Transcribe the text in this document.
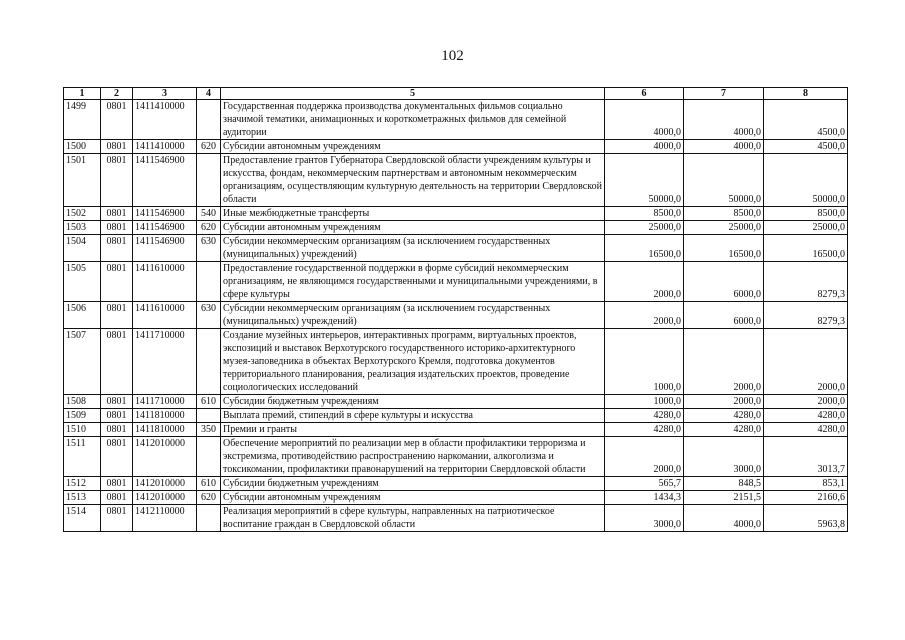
102
1	2	3	4	5	6	7	8
1499	0801	1411410000		Государственная поддержка производства документальных фильмов социально значимой тематики, анимационных и короткометражных фильмов для семейной аудитории	4000,0	4000,0	4500,0
1500	0801	1411410000	620	Субсидии автономным учреждениям	4000,0	4000,0	4500,0
1501	0801	1411546900		Предоставление грантов Губернатора Свердловской области учреждениям культуры и искусства, фондам, некоммерческим партнерствам и автономным некоммерческим организациям, осуществляющим культурную деятельность на территории Свердловской области	50000,0	50000,0	50000,0
1502	0801	1411546900	540	Иные межбюджетные трансферты	8500,0	8500,0	8500,0
1503	0801	1411546900	620	Субсидии автономным учреждениям	25000,0	25000,0	25000,0
1504	0801	1411546900	630	Субсидии некоммерческим организациям (за исключением государственных (муниципальных) учреждений)	16500,0	16500,0	16500,0
1505	0801	1411610000		Предоставление государственной поддержки в форме субсидий некоммерческим организациям, не являющимся государственными и муниципальными учреждениями, в сфере культуры	2000,0	6000,0	8279,3
1506	0801	1411610000	630	Субсидии некоммерческим организациям (за исключением государственных (муниципальных) учреждений)	2000,0	6000,0	8279,3
1507	0801	1411710000		Создание музейных интерьеров, интерактивных программ, виртуальных проектов, экспозиций и выставок Верхотурского государственного историко-архитектурного музея-заповедника в объектах Верхотурского Кремля, подготовка документов территориального планирования, реализация издательских проектов, проведение социологических исследований	1000,0	2000,0	2000,0
1508	0801	1411710000	610	Субсидии бюджетным учреждениям	1000,0	2000,0	2000,0
1509	0801	1411810000		Выплата премий, стипендий в сфере культуры и искусства	4280,0	4280,0	4280,0
1510	0801	1411810000	350	Премии и гранты	4280,0	4280,0	4280,0
1511	0801	1412010000		Обеспечение мероприятий по реализации мер в области профилактики терроризма и экстремизма, противодействию распространению наркомании, алкоголизма и токсикомании, профилактики правонарушений на территории Свердловской области	2000,0	3000,0	3013,7
1512	0801	1412010000	610	Субсидии бюджетным учреждениям	565,7	848,5	853,1
1513	0801	1412010000	620	Субсидии автономным учреждениям	1434,3	2151,5	2160,6
1514	0801	1412110000		Реализация мероприятий в сфере культуры, направленных на патриотическое воспитание граждан в Свердловской области	3000,0	4000,0	5963,8
